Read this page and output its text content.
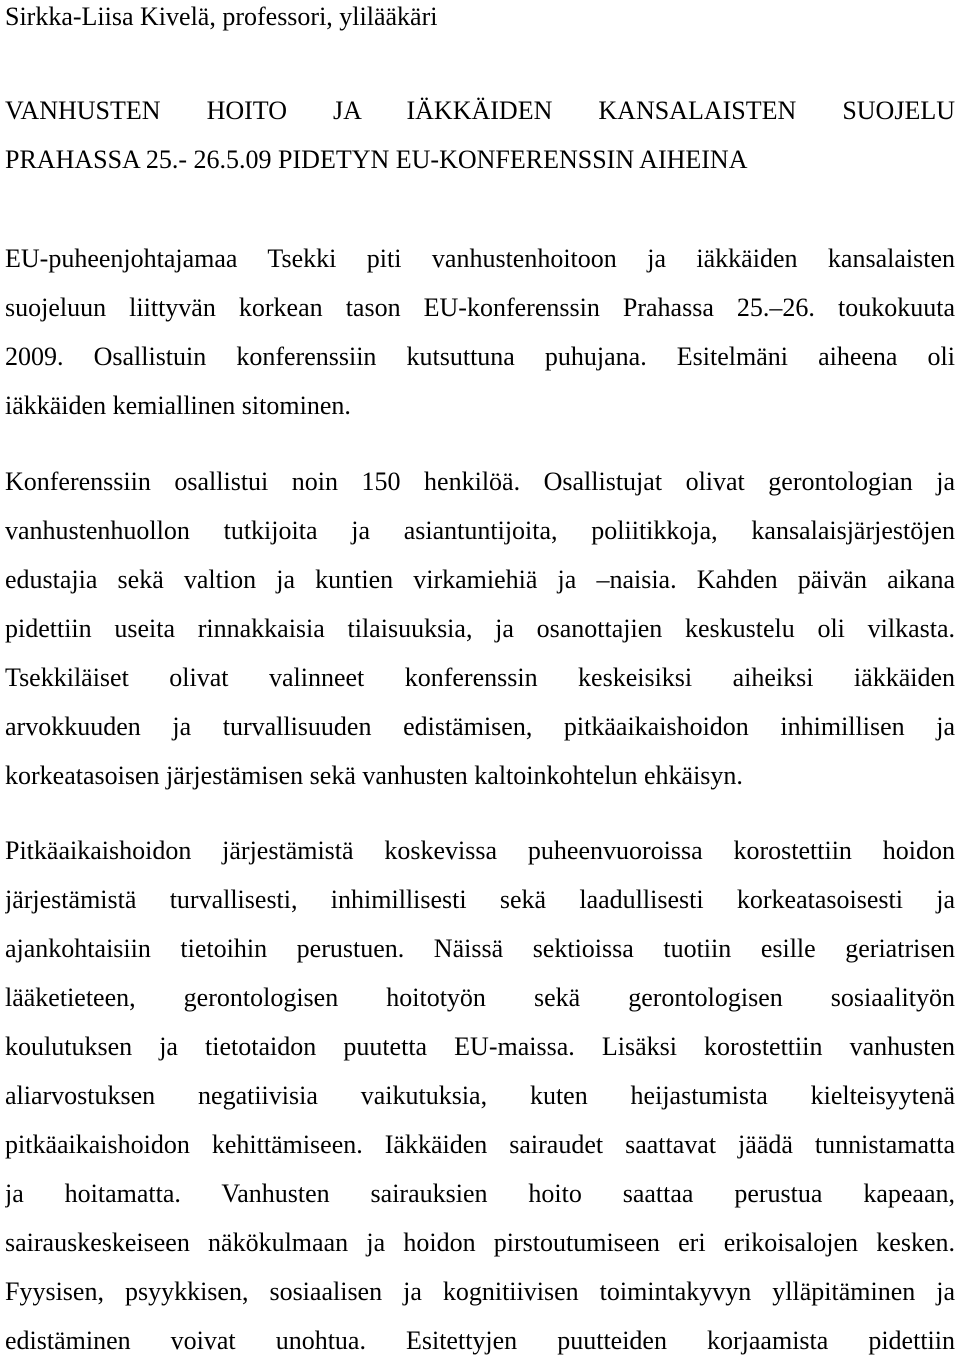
Sirkka-Liisa Kivelä, professori, ylilääkäri
VANHUSTEN HOITO JA IÄKKÄIDEN KANSALAISTEN SUOJELU
PRAHASSA 25.- 26.5.09 PIDETYN EU-KONFERENSSIN AIHEINA
EU-puheenjohtajamaa Tsekki piti vanhustenhoitoon ja iäkkäiden kansalaisten
suojeluun liittyvän korkean tason EU-konferenssin Prahassa 25.–26. toukokuuta
2009. Osallistuin konferenssiin kutsuttuna puhujana. Esitelmäni aiheena oli
iäkkäiden kemiallinen sitominen.
Konferenssiin osallistui noin 150 henkilöä. Osallistujat olivat gerontologian ja
vanhustenhuollon tutkijoita ja asiantuntijoita, poliitikkoja, kansalaisjärjestöjen
edustajia sekä valtion ja kuntien virkamiehiä ja –naisia. Kahden päivän aikana
pidettiin useita rinnakkaisia tilaisuuksia, ja osanottajien keskustelu oli vilkasta.
Tsekkiläiset olivat valinneet konferenssin keskeisiksi aiheiksi iäkkäiden
arvokkuuden ja turvallisuuden edistämisen, pitkäaikaishoidon inhimillisen ja
korkeatasoisen järjestämisen sekä vanhusten kaltoinkohtelun ehkäisyn.
Pitkäaikaishoidon järjestämistä koskevissa puheenvuoroissa korostettiin hoidon
järjestämistä turvallisesti, inhimillisesti sekä laadullisesti korkeatasoisesti ja
ajankohtaisiin tietoihin perustuen. Näissä sektioissa tuotiin esille geriatrisen
lääketieteen, gerontologisen hoitotyön sekä gerontologisen sosiaalityön
koulutuksen ja tietotaidon puutetta EU-maissa. Lisäksi korostettiin vanhusten
aliarvostuksen negatiivisia vaikutuksia, kuten heijastumista kielteisyytenä
pitkäaikaishoidon kehittämiseen. Iäkkäiden sairaudet saattavat jäädä tunnistamatta
ja hoitamatta. Vanhusten sairauksien hoito saattaa perustua kapeaan,
sairauskeskeiseen näkökulmaan ja hoidon pirstoutumiseen eri erikoisalojen kesken.
Fyysisen, psyykkisen, sosiaalisen ja kognitiivisen toimintakyvyn ylläpitäminen ja
edistäminen voivat unohtua. Esitettyjen puutteiden korjaamista pidettiin
